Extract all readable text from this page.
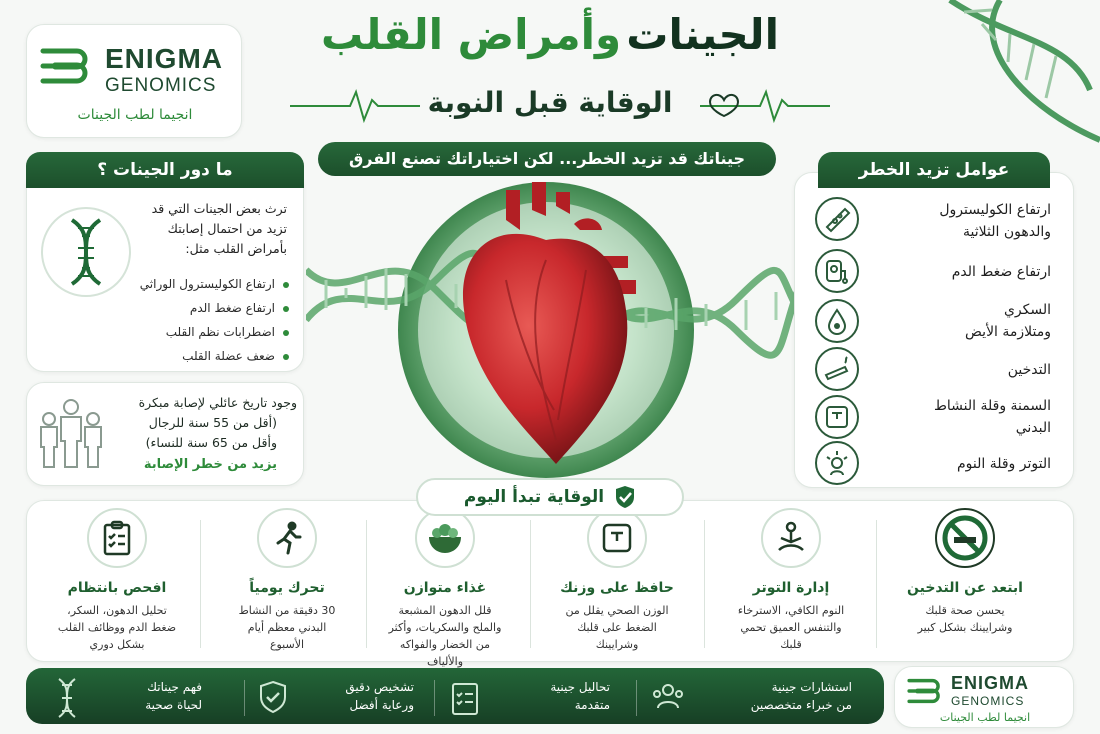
ENIGMA
GENOMICS
انجيما لطب الجينات
الجينات وأمراض القلب
الوقاية قبل النوبة
جيناتك قد تزيد الخطر... لكن اختياراتك تصنع الفرق
ما دور الجينات ؟
ترث بعض الجينات التي قد تزيد من احتمال إصابتك بأمراض القلب مثل:
ارتفاع الكوليسترول الوراثي
ارتفاع ضغط الدم
اضطرابات نظم القلب
ضعف عضلة القلب
وجود تاريخ عائلي لإصابة مبكرة
(أقل من 55 سنة للرجال
وأقل من 65 سنة للنساء)
يزيد من خطر الإصابة
عوامل تزيد الخطر
ارتفاع الكوليسترول
والدهون الثلاثية
ارتفاع ضغط الدم
السكري
ومتلازمة الأيض
التدخين
السمنة وقلة النشاط
البدني
التوتر وقلة النوم
الوقاية تبدأ اليوم
ابتعد عن التدخين
يحسن صحة قلبك
وشرايينك بشكل كبير
إدارة التوتر
النوم الكافي، الاسترخاء
والتنفس العميق تحمي
قلبك
حافظ على وزنك
الوزن الصحي يقلل من
الضغط على قلبك
وشرايينك
غذاء متوازن
قلل الدهون المشبعة
والملح والسكريات، وأكثر
من الخضار والفواكه
والألياف
تحرك يومياً
30 دقيقة من النشاط
البدني معظم أيام
الأسبوع
افحص بانتظام
تحليل الدهون، السكر،
ضغط الدم ووظائف القلب
بشكل دوري
استشارات جينية
من خبراء متخصصين
تحاليل جينية
متقدمة
تشخيص دقيق
ورعاية أفضل
فهم جيناتك
لحياة صحية
ENIGMA
GENOMICS
انجيما لطب الجينات
